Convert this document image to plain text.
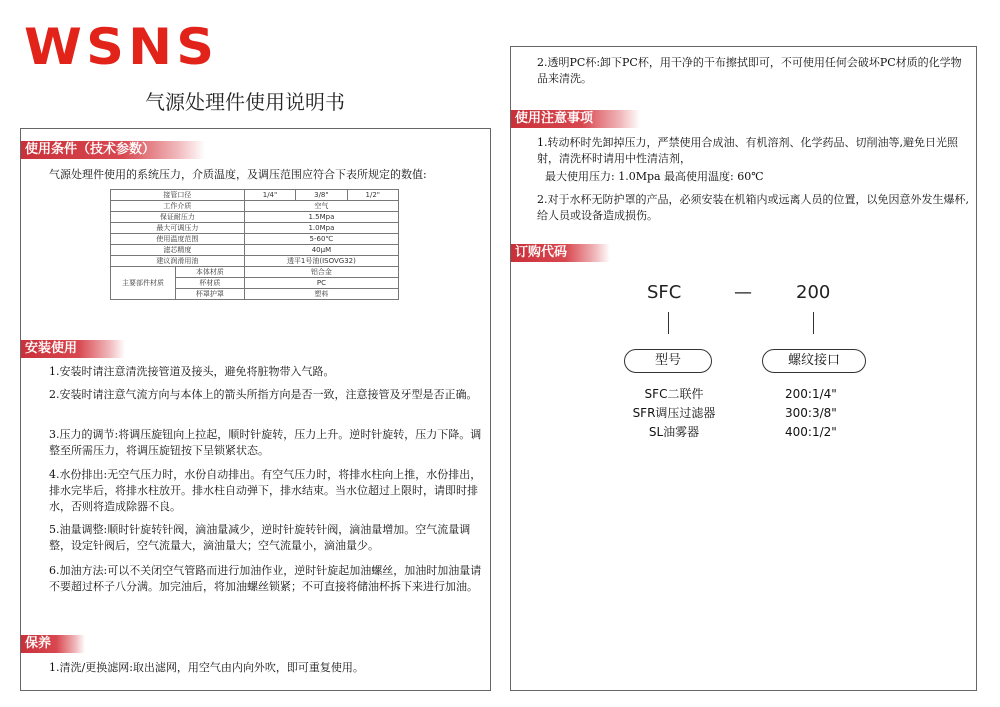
WSNS
气源处理件使用说明书
使用条件（技术参数）
气源处理件使用的系统压力，介质温度，及调压范围应符合下表所规定的数值:
接管口径		1/4"	3/8"	1/2"
工作介质		空气		
保证耐压力		1.5Mpa		
最大可调压力		1.0Mpa		
使用温度范围		5-60℃		
滤芯精度		40μM		
建议润滑用油		透平1号油(ISOVG32)		
主要部件材质	本体材质	铝合金		
	杯材质	PC		
	杯罩护罩	塑料		
安装使用
1.安装时请注意清洗接管道及接头，避免将脏物带入气路。
2.安装时请注意气流方向与本体上的箭头所指方向是否一致，注意接管及牙型是否正确。
3.压力的调节:将调压旋钮向上拉起，顺时针旋转，压力上升。逆时针旋转，压力下降。调整至所需压力，将调压旋钮按下呈锁紧状态。
4.水份排出:无空气压力时，水份自动排出。有空气压力时，将排水柱向上推，水份排出，排水完毕后，将排水柱放开。排水柱自动弹下，排水结束。当水位超过上限时，请即时排水，否则将造成除器不良。
5.油量调整:顺时针旋转针阀，滴油量减少，逆时针旋转针阀，滴油量增加。空气流量调整，设定针阀后，空气流量大，滴油量大；空气流量小，滴油量少。
6.加油方法:可以不关闭空气管路而进行加油作业，逆时针旋起加油螺丝，加油时加油量请不要超过杯子八分满。加完油后，将加油螺丝锁紧；不可直接将储油杯拆下来进行加油。
保养
1.清洗/更换滤网:取出滤网，用空气由内向外吹，即可重复使用。
2.透明PC杯:卸下PC杯，用干净的干布擦拭即可，不可使用任何会破坏PC材质的化学物品来清洗。
使用注意事项
1.转动杯时先卸掉压力，严禁使用合成油、有机溶剂、化学药品、切削油等,避免日光照射，清洗杯时请用中性清洁剂，
最大使用压力: 1.0Mpa 最高使用温度: 60℃
2.对于水杯无防护罩的产品，必须安装在机箱内或远离人员的位置，以免因意外发生爆杯,给人员或设备造成损伤。
订购代码
SFC	— 200
型号	螺纹接口
SFC二联件
SFR调压过滤器
SL油雾器
200:1/4"
300:3/8"
400:1/2"
